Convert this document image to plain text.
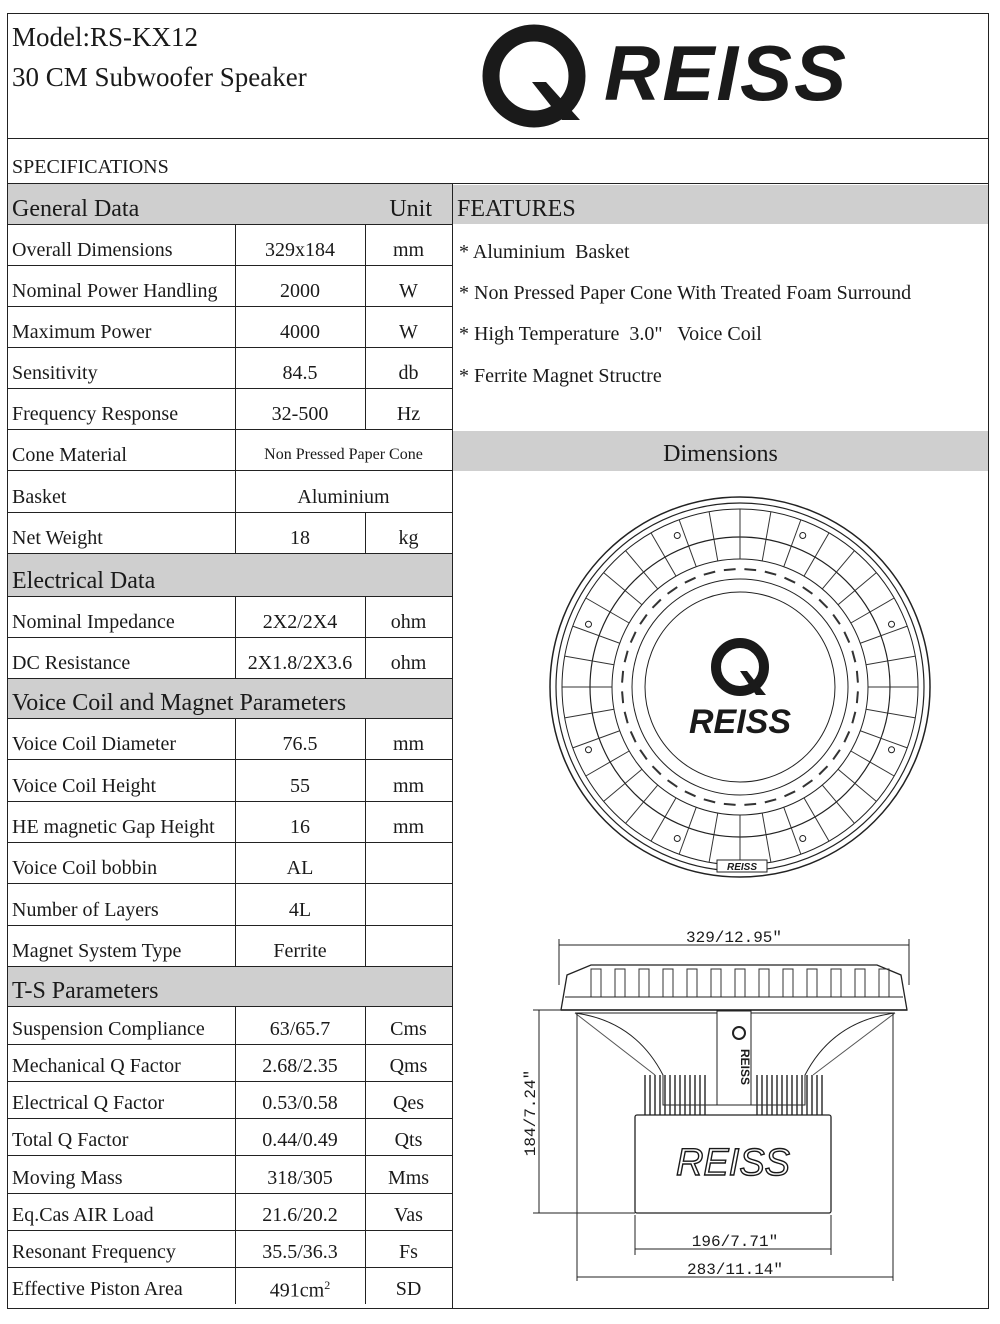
Model:RS-KX12
30 CM Subwoofer Speaker	REISS
SPECIFICATIONS
General Data	Unit
Overall Dimensions	329x184	mm
Nominal Power Handling	2000	W
Maximum Power	4000	W
Sensitivity	84.5	db
Frequency Response	32-500	Hz
Cone Material	Non Pressed Paper Cone
Basket	Aluminium
Net Weight	18	kg
Electrical Data
Nominal Impedance	2X2/2X4	ohm
DC Resistance	2X1.8/2X3.6	ohm
Voice Coil and Magnet Parameters
Voice Coil Diameter	76.5	mm
Voice Coil Height	55	mm
HE magnetic Gap Height	16	mm
Voice Coil bobbin	AL
Number of Layers	4L
Magnet System Type	Ferrite
T-S Parameters
Suspension Compliance	63/65.7	Cms
Mechanical Q Factor	2.68/2.35	Qms
Electrical Q Factor	0.53/0.58	Qes
Total Q Factor	0.44/0.49	Qts
Moving Mass	318/305	Mms
Eq.Cas AIR Load	21.6/20.2	Vas
Resonant Frequency	35.5/36.3	Fs
Effective Piston Area	$491cm^2$	SD
FEATURES
* Aluminium  Basket
* Non Pressed Paper Cone With Treated Foam Surround
* High Temperature  3.0"   Voice Coil
* Ferrite Magnet Structre
Dimensions
REISS
REISS
329/12.95″
REISS
REISS
184/7.24″
196/7.71″
283/11.14″
